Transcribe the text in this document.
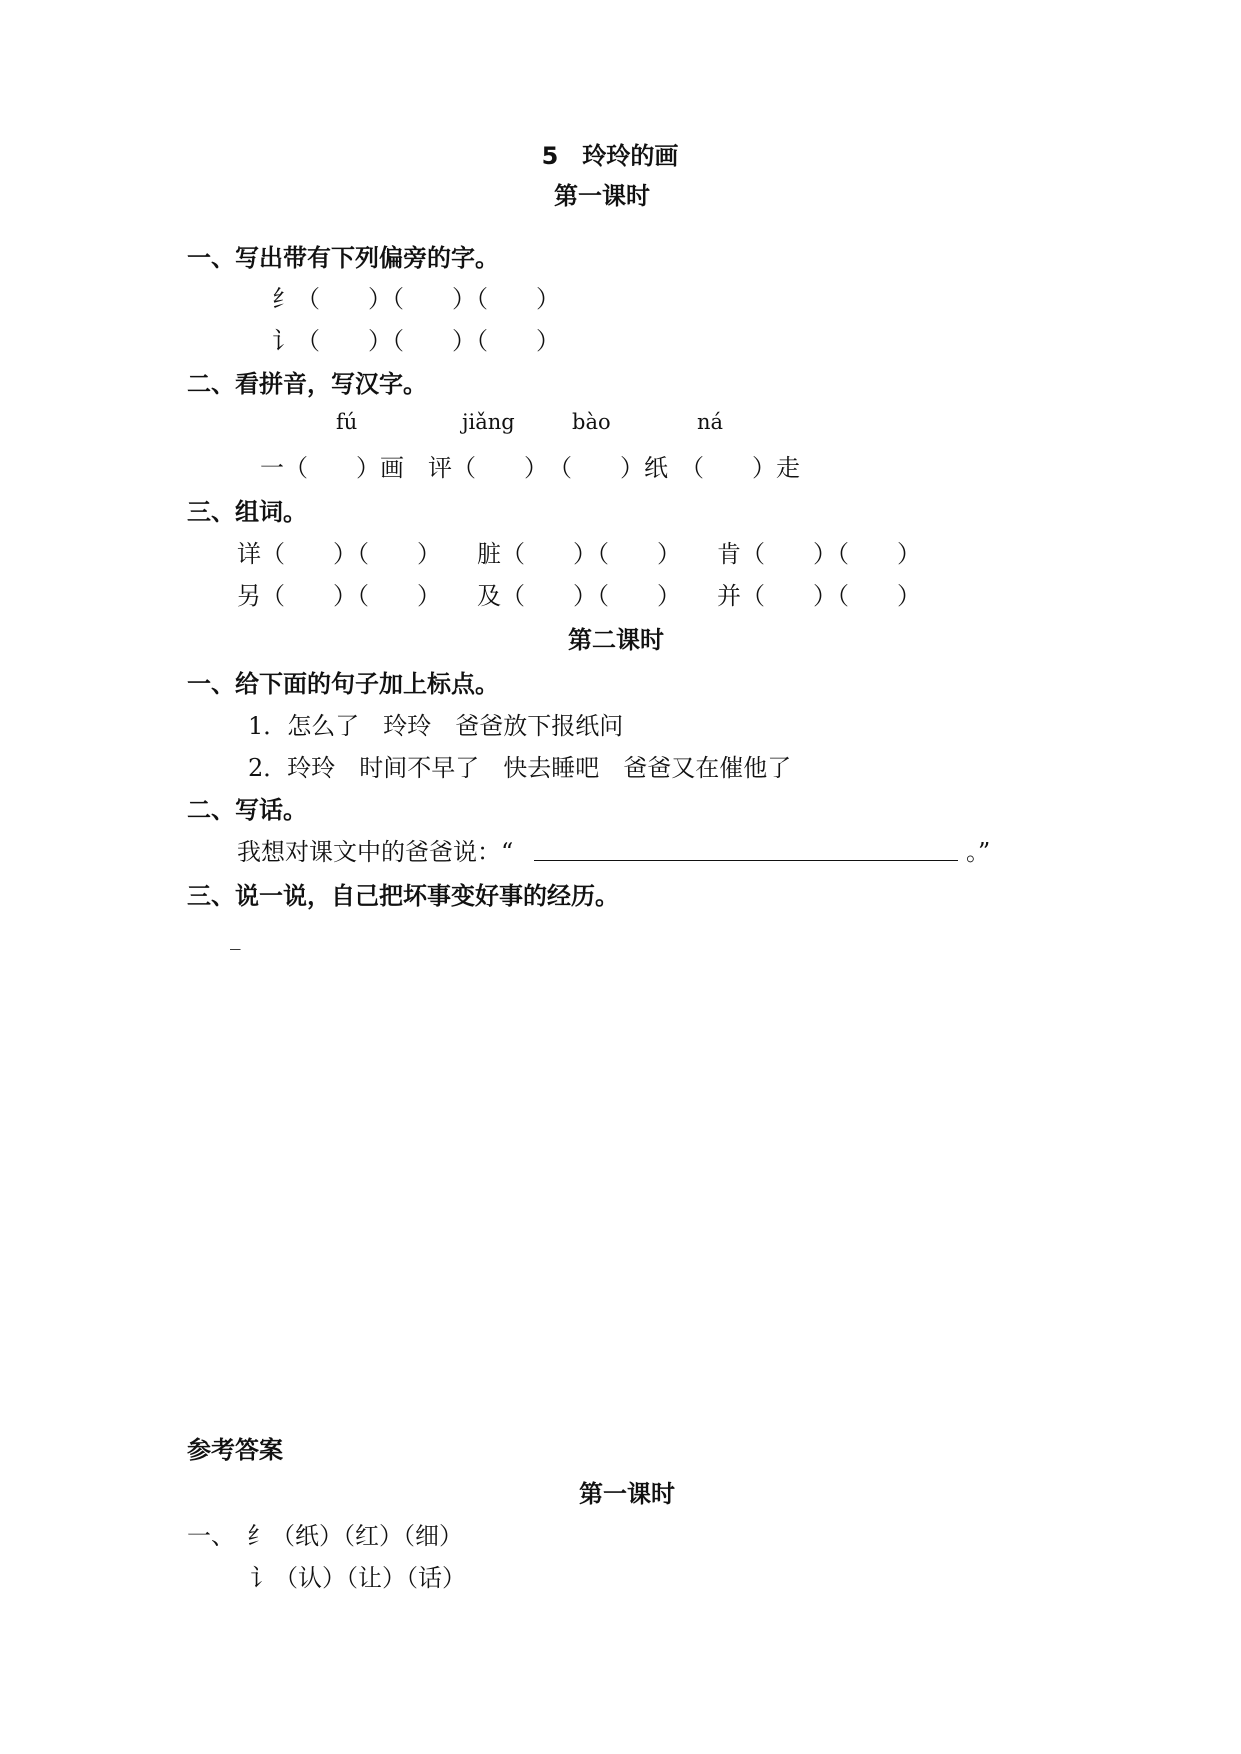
5　玲玲的画
第一课时
一、写出带有下列偏旁的字。
纟（　　）（　　）（　　）
讠（　　）（　　）（　　）
二、看拼音，写汉字。
fú	jiǎng	bào	ná
一（　　）画　评（　　）　（　　）纸　（　　）走
三、组词。
详（　　）（　　）　　脏（　　）（　　）　　肯（　　）（　　）
另（　　）（　　）　　及（　　）（　　）　　并（　　）（　　）
第二课时
一、给下面的句子加上标点。
1．怎么了　玲玲　爸爸放下报纸问
2．玲玲　时间不早了　快去睡吧　爸爸又在催他了
二、写话。
我想对课文中的爸爸说：“	。”
三、说一说，自己把坏事变好事的经历。
_
参考答案
第一课时
一、　纟（纸）（红）（细）
讠（认）（让）（话）
